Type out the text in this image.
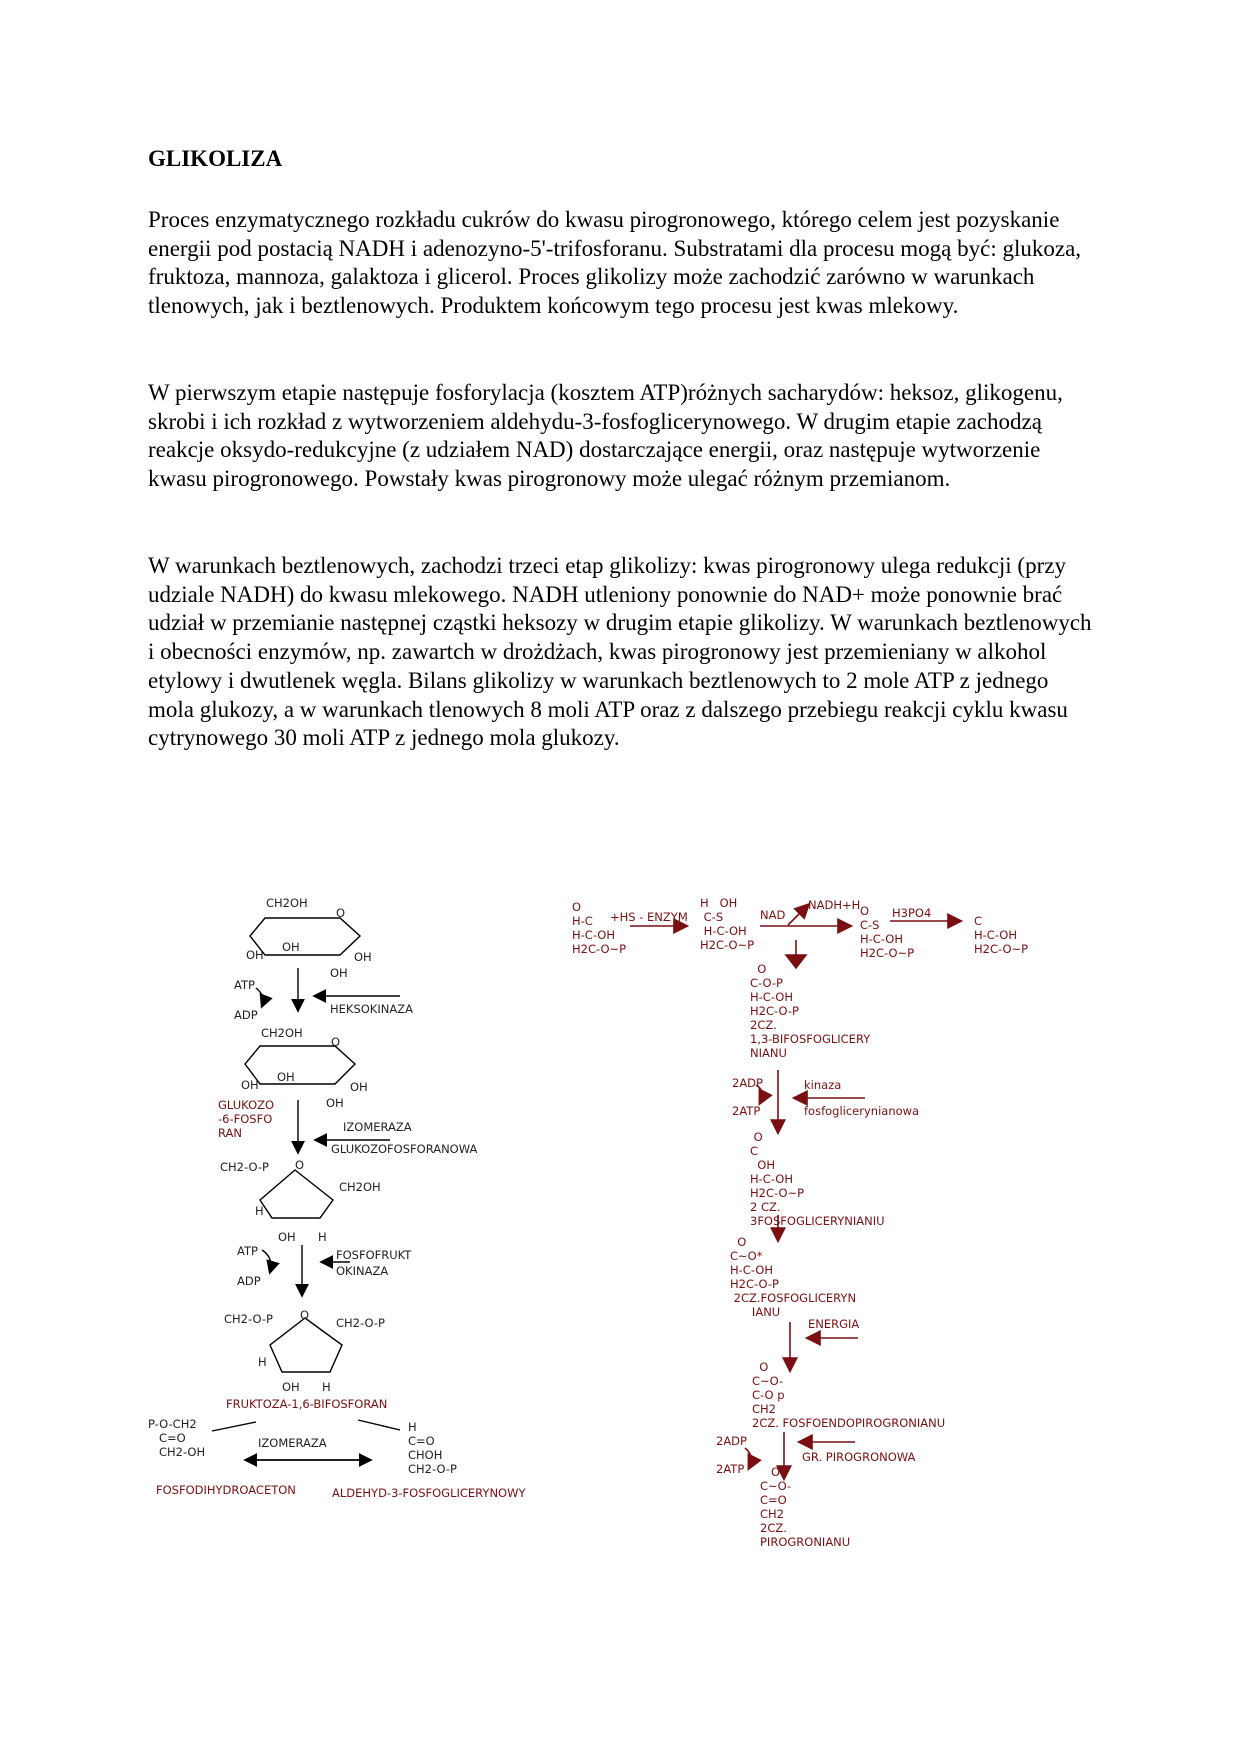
GLIKOLIZA

Proces enzymatycznego rozkładu cukrów do kwasu pirogronowego, którego celem jest pozyskanie energii pod postacią NADH i adenozyno-5'-trifosforanu. Substratami dla procesu mogą być: glukoza, fruktoza, mannoza, galaktoza i glicerol. Proces glikolizy może zachodzić zarówno w warunkach tlenowych, jak i beztlenowych. Produktem końcowym tego procesu jest kwas mlekowy.

W pierwszym etapie następuje fosforylacja (kosztem ATP)różnych sacharydów: heksoz, glikogenu, skrobi i ich rozkład z wytworzeniem aldehydu-3-fosfoglicerynowego. W drugim etapie zachodzą reakcje oksydo-redukcyjne (z udziałem NAD) dostarczające energii, oraz następuje wytworzenie kwasu pirogronowego. Powstały kwas pirogronowy może ulegać różnym przemianom.

W warunkach beztlenowych, zachodzi trzeci etap glikolizy: kwas pirogronowy ulega redukcji (przy udziale NADH) do kwasu mlekowego. NADH utleniony ponownie do NAD+ może ponownie brać udział w przemianie następnej cząstki heksozy w drugim etapie glikolizy. W warunkach beztlenowych i obecności enzymów, np. zawartch w drożdżach, kwas pirogronowy jest przemieniany w alkohol etylowy i dwutlenek węgla. Bilans glikolizy w warunkach beztlenowych to 2 mole ATP z jednego mola glukozy, a w warunkach tlenowych 8 moli ATP oraz z dalszego przebiegu reakcji cyklu kwasu cytrynowego 30 moli ATP z jednego mola glukozy.

CH2OH
O
OH
OH
OH
OH
ATP
ADP	HEKSOKINAZA
CH2OH
O
OH
OH
OH
OH
GLUKOZO
-6-FOSFO
RAN	IZOMERAZA
GLUKOZOFOSFORANOWA
CH2-O-P O
CH2OH
H
OH H
ATP
ADP
FOSFOFRUKT
OKINAZA
CH2-O-P O
CH2-O-P
H
OH H
FRUKTOZA-1,6-BIFOSFORAN
P-O-CH2
C=O
CH2-OH
FOSFODIHYDROACETON
IZOMERAZA
H
C=O
CHOH
CH2-O-P
ALDEHYD-3-FOSFOGLICERYNOWY
O
H-C
H-C-OH
H2C-O~P
+HS - ENZYM
H   OH
C-S
H-C-OH
H2C-O~P
NAD
NADH+H O
C-S
H-C-OH
H2C-O~P
H3PO4
C
H-C-OH
H2C-O~P
O
C-O-P
H-C-OH
H2C-O-P
2CZ.
1,3-BIFOSFOGLICERY
NIANU
2ADP
2ATP
kinaza
fosfoglicerynianowa
O
C
OH
H-C-OH
H2C-O~P
2 CZ.
3FOSFOGLICERYNIANIU
O
C~O*
H-C-OH
H2C-O-P
2CZ.FOSFOGLICERYN
IANU
ENERGIA
O
C~O-
C-O p
CH2
2CZ. FOSFOENDOPIROGRONIANU
2ADP
2ATP
GR. PIROGRONOWA
O
C~O-
C=O
CH2
2CZ.
PIROGRONIANU
